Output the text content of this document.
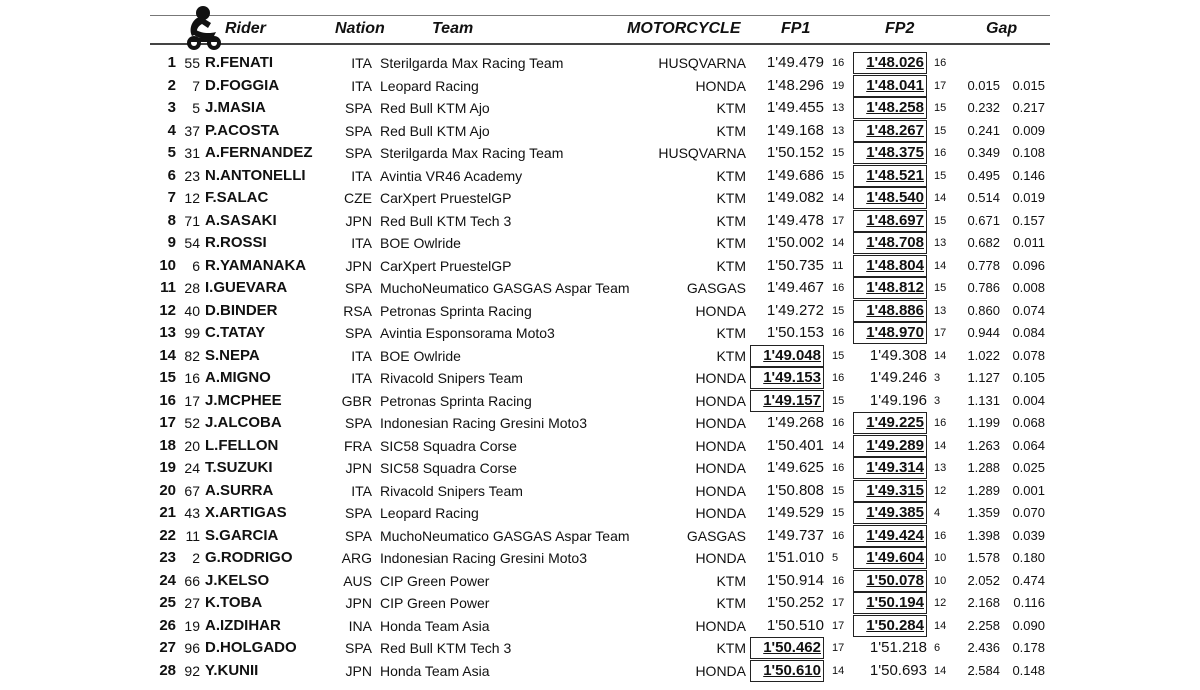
Rider	Nation	Team	MOTORCYCLE	FP1	FP2	Gap
1 55 R.FENATI	ITA Sterilgarda Max Racing Team	HUSQVARNA	1'49.479 16	1'48.026 16
2	7 D.FOGGIA	ITA Leopard Racing	HONDA	1'48.296 19	1'48.041 17	0.015 0.015
3	5 J.MASIA	SPA Red Bull KTM Ajo	KTM	1'49.455 13	1'48.258 15	0.232 0.217
4 37 P.ACOSTA	SPA Red Bull KTM Ajo	KTM	1'49.168 13	1'48.267 15	0.241 0.009
5 31 A.FERNANDEZ	SPA Sterilgarda Max Racing Team	HUSQVARNA	1'50.152 15	1'48.375 16	0.349 0.108
6 23 N.ANTONELLI	ITA Avintia VR46 Academy	KTM	1'49.686 15	1'48.521 15	0.495 0.146
7 12 F.SALAC	CZE CarXpert PruestelGP	KTM	1'49.082 14	1'48.540 14	0.514 0.019
8 71 A.SASAKI	JPN Red Bull KTM Tech 3	KTM	1'49.478 17	1'48.697 15	0.671 0.157
9 54 R.ROSSI	ITA BOE Owlride	KTM	1'50.002 14	1'48.708 13	0.682	0.011
10	6 R.YAMANAKA	JPN CarXpert PruestelGP	KTM	1'50.735 11	1'48.804 14	0.778 0.096
11 28 I.GUEVARA	SPA MuchoNeumatico GASGAS Aspar Team	GASGAS	1'49.467 16	1'48.812 15	0.786 0.008
12 40 D.BINDER	RSA Petronas Sprinta Racing	HONDA	1'49.272 15	1'48.886 13	0.860 0.074
13 99 C.TATAY	SPA Avintia Esponsorama Moto3	KTM	1'50.153 16	1'48.970 17	0.944 0.084
14 82 S.NEPA	ITA BOE Owlride	KTM	1'49.048 15	1'49.308 14	1.022 0.078
15 16 A.MIGNO	ITA Rivacold Snipers Team	HONDA	1'49.153 16	1'49.246 3	1.127 0.105
16 17 J.MCPHEE	GBR Petronas Sprinta Racing	HONDA	1'49.157 15	1'49.196 3	1.131 0.004
17 52 J.ALCOBA	SPA Indonesian Racing Gresini Moto3	HONDA	1'49.268 16	1'49.225 16	1.199 0.068
18 20 L.FELLON	FRA SIC58 Squadra Corse	HONDA	1'50.401 14	1'49.289 14	1.263 0.064
19 24 T.SUZUKI	JPN SIC58 Squadra Corse	HONDA	1'49.625 16	1'49.314 13	1.288 0.025
20 67 A.SURRA	ITA Rivacold Snipers Team	HONDA	1'50.808 15	1'49.315 12	1.289 0.001
21 43 X.ARTIGAS	SPA Leopard Racing	HONDA	1'49.529 15	1'49.385 4	1.359 0.070
22 11 S.GARCIA	SPA MuchoNeumatico GASGAS Aspar Team	GASGAS	1'49.737 16	1'49.424 16	1.398 0.039
23	2 G.RODRIGO	ARG Indonesian Racing Gresini Moto3	HONDA	1'51.010 5	1'49.604 10	1.578 0.180
24 66 J.KELSO	AUS CIP Green Power	KTM	1'50.914 16	1'50.078 10	2.052 0.474
25 27 K.TOBA	JPN CIP Green Power	KTM	1'50.252 17	1'50.194 12	2.168	0.116
26 19 A.IZDIHAR	INA Honda Team Asia	HONDA	1'50.510 17	1'50.284 14	2.258 0.090
27 96 D.HOLGADO	SPA Red Bull KTM Tech 3	KTM	1'50.462 17	1'51.218 6	2.436 0.178
28 92 Y.KUNII	JPN Honda Team Asia	HONDA	1'50.610 14	1'50.693 14	2.584 0.148
